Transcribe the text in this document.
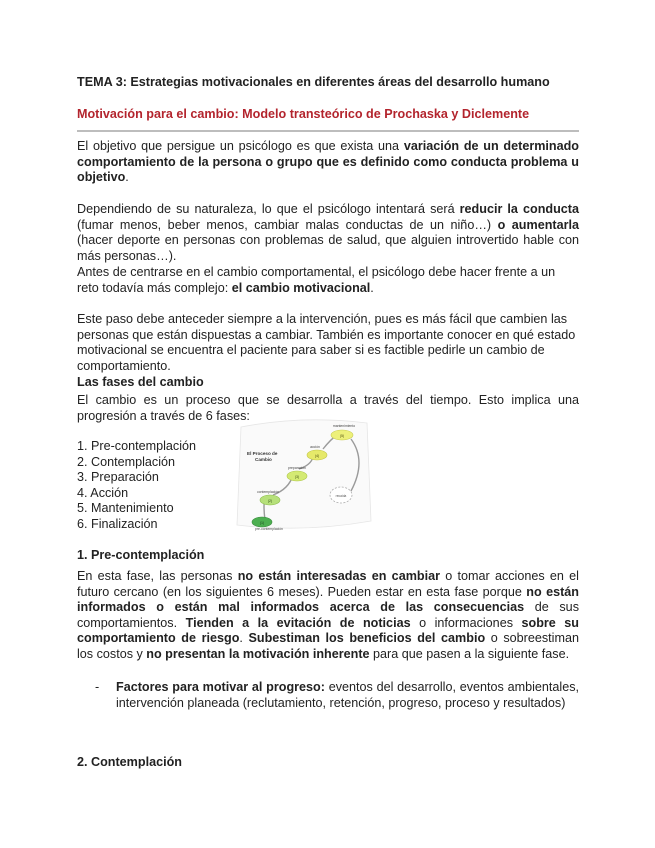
TEMA 3: Estrategias motivacionales en diferentes áreas del desarrollo humano

Motivación para el cambio: Modelo transteórico de Prochaska y Diclemente

El objetivo que persigue un psicólogo es que exista una variación de un determinado comportamiento de la persona o grupo que es definido como conducta problema u objetivo.

Dependiendo de su naturaleza, lo que el psicólogo intentará será reducir la conducta (fumar menos, beber menos, cambiar malas conductas de un niño…) o aumentarla (hacer deporte en personas con problemas de salud, que alguien introvertido hable con más personas…).

Antes de centrarse en el cambio comportamental, el psicólogo debe hacer frente a un reto todavía más complejo: el cambio motivacional.

Este paso debe anteceder siempre a la intervención, pues es más fácil que cambien las personas que están dispuestas a cambiar. También es importante conocer en qué estado motivacional se encuentra el paciente para saber si es factible pedirle un cambio de comportamiento.

Las fases del cambio

El cambio es un proceso que se desarrolla a través del tiempo. Esto implica una progresión a través de 6 fases:

1. Pre-contemplación
2. Contemplación
3. Preparación
4. Acción
5. Mantenimiento
6. Finalización
recaída
El Proceso de
Cambio
(1)
pre-contemplación
(2)
contemplación
(3)
preparación
(4)
acción
(5)
mantenimiento

1. Pre-contemplación

En esta fase, las personas no están interesadas en cambiar o tomar acciones en el futuro cercano (en los siguientes 6 meses). Pueden estar en esta fase porque no están informados o están mal informados acerca de las consecuencias de sus comportamientos. Tienden a la evitación de noticias o informaciones sobre su comportamiento de riesgo. Subestiman los beneficios del cambio o sobreestiman los costos y no presentan la motivación inherente para que pasen a la siguiente fase.

- Factores para motivar al progreso: eventos del desarrollo, eventos ambientales, intervención planeada (reclutamiento, retención, progreso, proceso y resultados)

2. Contemplación
